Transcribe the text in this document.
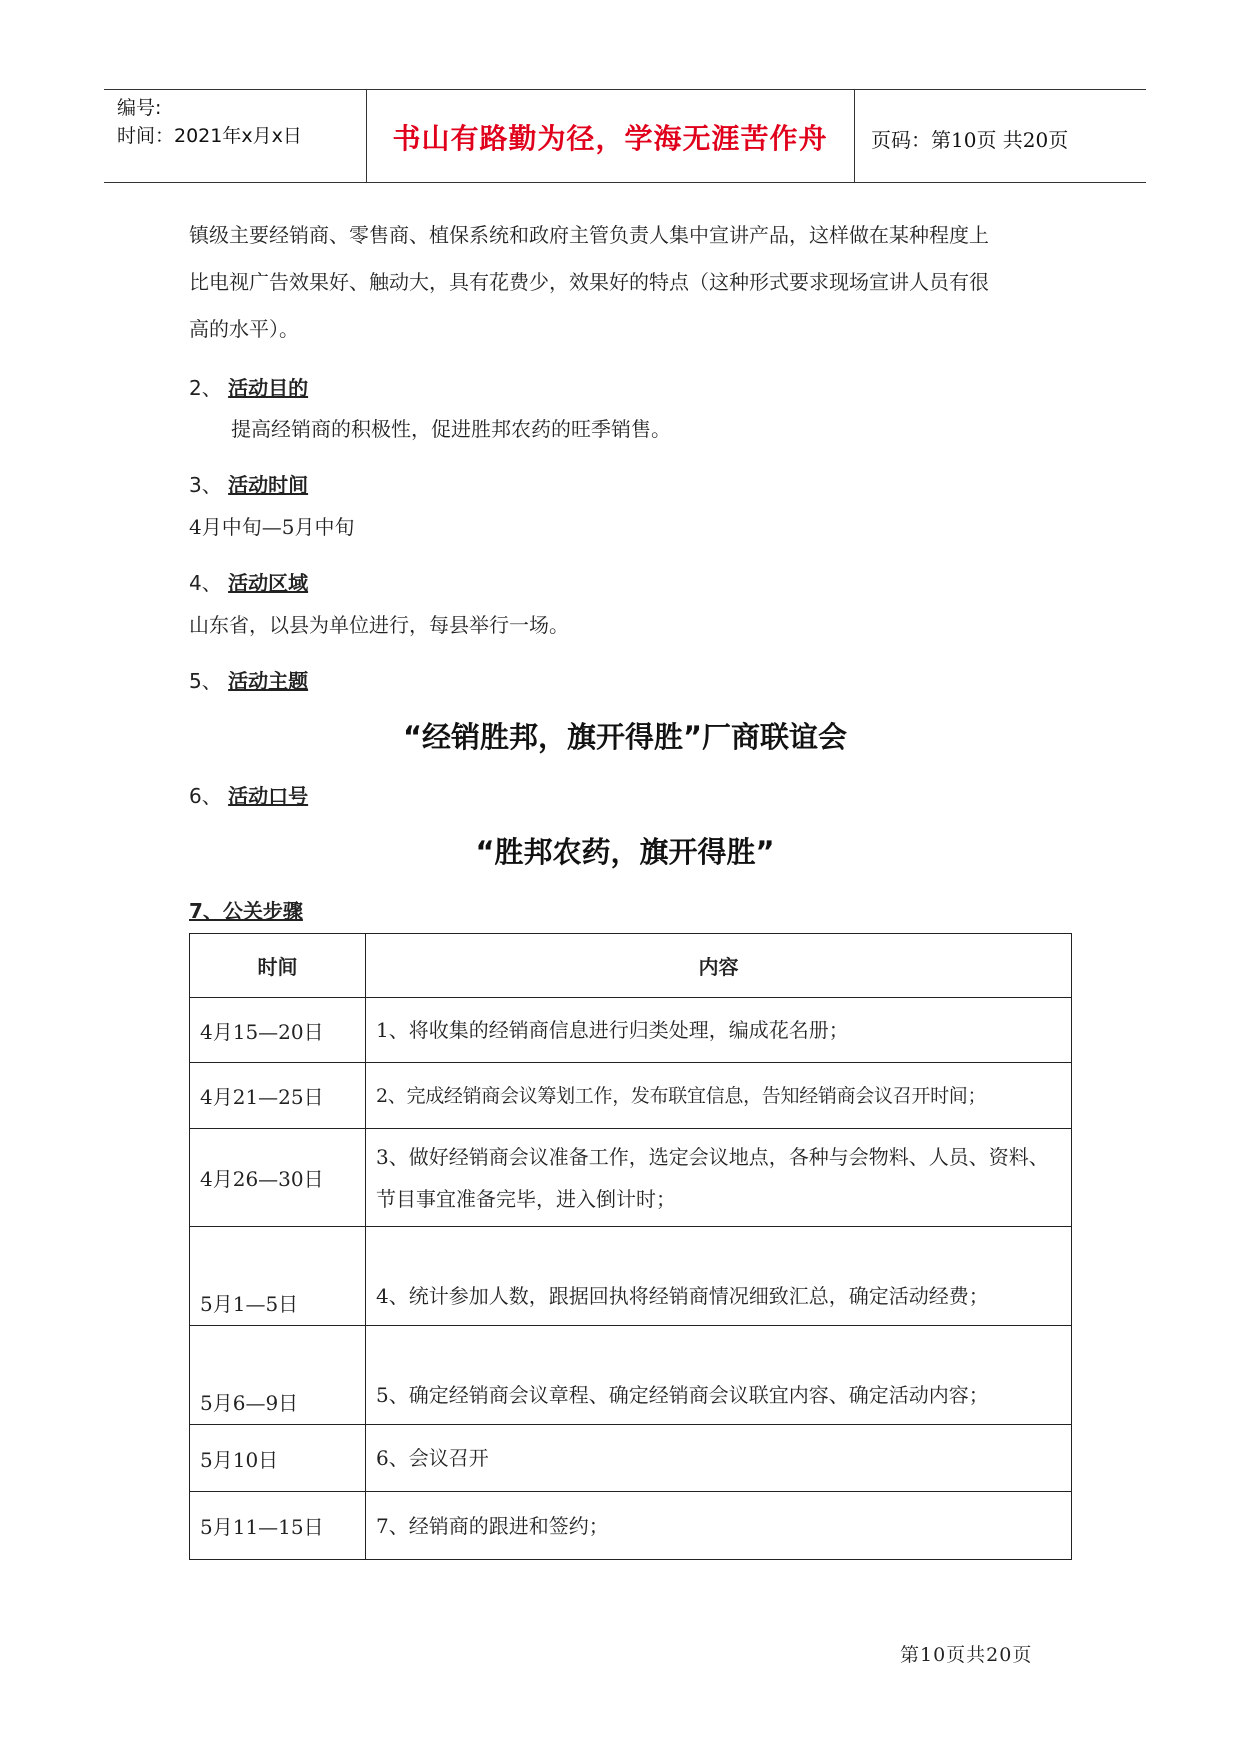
编号:
时间：2021年x月x日	书山有路勤为径，学海无涯苦作舟	页码：第10页 共20页
镇级主要经销商、零售商、植保系统和政府主管负责人集中宣讲产品，这样做在某种程度上
比电视广告效果好、触动大，具有花费少，效果好的特点（这种形式要求现场宣讲人员有很
高的水平）。
2、 活动目的
提高经销商的积极性，促进胜邦农药的旺季销售。
3、 活动时间
4月中旬—5月中旬
4、 活动区域
山东省，以县为单位进行，每县举行一场。
5、 活动主题
“经销胜邦，旗开得胜”厂商联谊会
6、 活动口号
“胜邦农药，旗开得胜”
7、公关步骤
时间	内容
4月15—20日	1、将收集的经销商信息进行归类处理，编成花名册；
4月21—25日	2、完成经销商会议筹划工作，发布联宜信息，告知经销商会议召开时间；
4月26—30日	3、做好经销商会议准备工作，选定会议地点，各种与会物料、人员、资料、节目事宜准备完毕，进入倒计时；
5月1—5日	4、统计参加人数，跟据回执将经销商情况细致汇总，确定活动经费；
5月6—9日	5、确定经销商会议章程、确定经销商会议联宜内容、确定活动内容；
5月10日	6、会议召开
5月11—15日	7、经销商的跟进和签约；
第10页共20页
